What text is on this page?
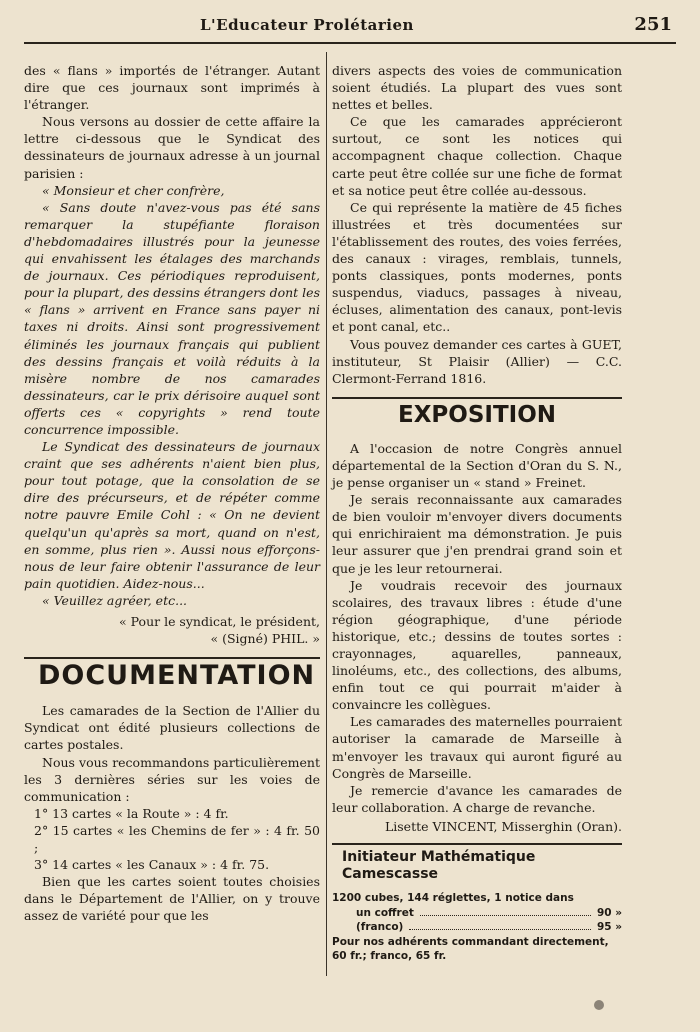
L'Educateur Prolétarien	251

des « flans » importés de l'étranger. Autant dire que ces journaux sont imprimés à l'étranger.

Nous versons au dossier de cette affaire la lettre ci-dessous que le Syndicat des dessinateurs de journaux adresse à un journal parisien :

« Monsieur et cher confrère,

« Sans doute n'avez-vous pas été sans remarquer la stupéfiante floraison d'hebdomadaires illustrés pour la jeunesse qui envahissent les étalages des marchands de journaux. Ces périodiques reproduisent, pour la plupart, des dessins étrangers dont les « flans » arrivent en France sans payer ni taxes ni droits. Ainsi sont progressivement éliminés les journaux français qui publient des dessins français et voilà réduits à la misère nombre de nos camarades dessinateurs, car le prix dérisoire auquel sont offerts ces « copyrights » rend toute concurrence impossible.

Le Syndicat des dessinateurs de journaux craint que ses adhérents n'aient bien plus, pour tout potage, que la consolation de se dire des précurseurs, et de répéter comme notre pauvre Emile Cohl : « On ne devient quelqu'un qu'après sa mort, quand on n'est, en somme, plus rien ». Aussi nous efforçons-nous de leur faire obtenir l'assurance de leur pain quotidien. Aidez-nous...

« Veuillez agréer, etc...

« Pour le syndicat, le président,

« (Signé) PHIL. »

DOCUMENTATION

Les camarades de la Section de l'Allier du Syndicat ont édité plusieurs collections de cartes postales.

Nous vous recommandons particulièrement les 3 dernières séries sur les voies de communication :

1° 13 cartes « la Route » : 4 fr.

2° 15 cartes « les Chemins de fer » : 4 fr. 50 ;

3° 14 cartes « les Canaux » : 4 fr. 75.

Bien que les cartes soient toutes choisies dans le Département de l'Allier, on y trouve assez de variété pour que les

divers aspects des voies de communication soient étudiés. La plupart des vues sont nettes et belles.

Ce que les camarades apprécieront surtout, ce sont les notices qui accompagnent chaque collection. Chaque carte peut être collée sur une fiche de format et sa notice peut être collée au-dessous.

Ce qui représente la matière de 45 fiches illustrées et très documentées sur l'établissement des routes, des voies ferrées, des canaux : virages, remblais, tunnels, ponts classiques, ponts modernes, ponts suspendus, viaducs, passages à niveau, écluses, alimentation des canaux, pont-levis et pont canal, etc..

Vous pouvez demander ces cartes à GUET, instituteur, St Plaisir (Allier) — C.C. Clermont-Ferrand 1816.

EXPOSITION

A l'occasion de notre Congrès annuel départemental de la Section d'Oran du S. N., je pense organiser un « stand » Freinet.

Je serais reconnaissante aux camarades de bien vouloir m'envoyer divers documents qui enrichiraient ma démonstration. Je puis leur assurer que j'en prendrai grand soin et que je les leur retournerai.

Je voudrais recevoir des journaux scolaires, des travaux libres : étude d'une région géographique, d'une période historique, etc.; dessins de toutes sortes : crayonnages, aquarelles, panneaux, linoléums, etc., des collections, des albums, enfin tout ce qui pourrait m'aider à convaincre les collègues.

Les camarades des maternelles pourraient autoriser la camarade de Marseille à m'envoyer les travaux qui auront figuré au Congrès de Marseille.

Je remercie d'avance les camarades de leur collaboration. A charge de revanche.

Lisette VINCENT, Misserghin (Oran).

Initiateur Mathématique Camescasse
1200 cubes, 144 réglettes, 1 notice dans
un coffret	90 »
(franco)	95 »
Pour nos adhérents commandant directement, 60 fr.; franco, 65 fr.
